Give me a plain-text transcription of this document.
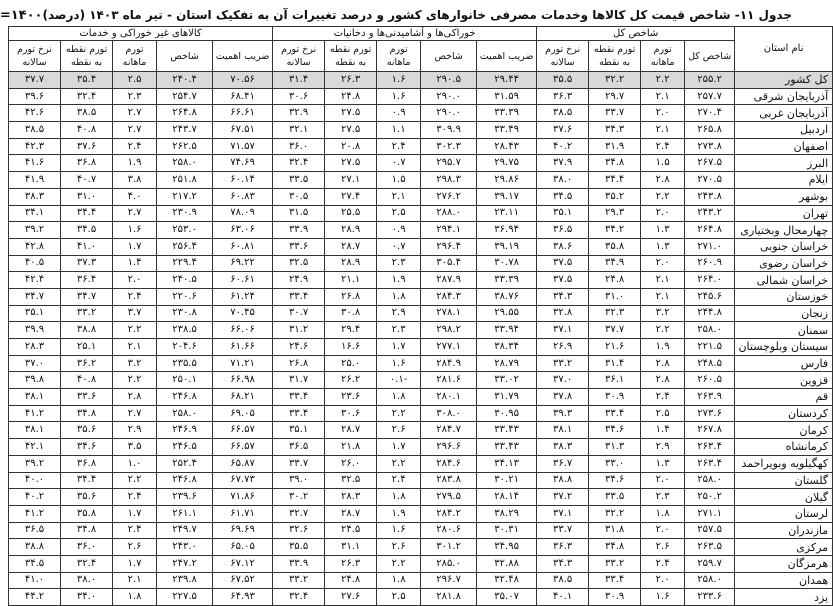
جدول ۱۱- شاخص قیمت کل کالاها وخدمات مصرفی خانوارهای کشور و درصد تغییرات آن به تفکیک استان - تیر ماه ۱۴۰۳ (درصد)
۱۴۰۰=
نام استان	شاخص کل				خوراکی‌ها و آشامیدنی‌ها و دخانیات					کالاهای غیر خوراکی و خدمات				
	شاخص کل	تورم ماهانه	تورم نقطه به نقطه	نرخ تورم سالانه	ضریب اهمیت	شاخص	تورم ماهانه	تورم نقطه به نقطه	نرخ تورم سالانه	ضریب اهمیت	شاخص	تورم ماهانه	تورم نقطه به نقطه	نرخ تورم سالانه
کل کشور	۲۵۵.۲	۲.۲	۳۲.۲	۳۵.۵	۲۹.۴۴	۲۹۰.۵	۱.۶	۲۶.۳	۳۱.۴	۷۰.۵۶	۲۴۰.۴	۲.۵	۳۵.۴	۳۷.۷
آذربایجان شرقی	۲۵۷.۷	۲.۱	۲۹.۷	۳۶.۳	۳۱.۵۹	۲۹۰.۰	۱.۶	۲۴.۸	۳۰.۶	۶۸.۴۱	۲۵۴.۷	۲.۳	۳۲.۴	۳۹.۶
آذربایجان غربی	۲۷۰.۴	۲.۰	۳۳.۷	۳۸.۵	۳۳.۳۹	۲۹۰.۰	۰.۹	۲۷.۵	۳۲.۹	۶۶.۶۱	۲۶۴.۸	۲.۷	۳۸.۵	۴۲.۶
اردبیل	۲۶۵.۸	۲.۱	۳۴.۳	۳۷.۶	۳۳.۴۹	۳۰۹.۹	۱.۱	۲۷.۵	۳۲.۱	۶۷.۵۱	۲۴۳.۷	۲.۷	۴۰.۸	۳۸.۵
اصفهان	۲۷۳.۸	۲.۴	۳۱.۹	۴۰.۲	۲۸.۴۳	۳۰۲.۳	۲.۴	۲۰.۸	۳۶.۰	۷۱.۵۷	۲۶۲.۵	۲.۴	۳۷.۶	۴۲.۳
البرز	۲۶۷.۵	۱.۵	۳۴.۸	۳۷.۹	۲۹.۷۵	۲۹۵.۷	۰.۷	۲۷.۵	۳۲.۴	۷۴.۶۹	۲۵۸.۰	۱.۹	۳۶.۸	۴۱.۶
ایلام	۲۷۰.۵	۲.۸	۳۴.۴	۳۸.۰	۲۹.۸۶	۲۹۸.۳	۱.۵	۲۷.۱	۳۳.۵	۶۰.۱۴	۲۵۱.۸	۳.۸	۴۰.۷	۴۱.۹
بوشهر	۲۴۳.۸	۲.۲	۳۵.۲	۳۴.۵	۳۹.۱۷	۲۷۶.۲	۲.۱	۲۷.۴	۳۰.۵	۶۰.۸۳	۲۱۷.۲	۴.۰	۳۱.۰	۳۸.۳
تهران	۲۴۳.۲	۲.۰	۲۹.۳	۳۵.۱	۲۳.۱۱	۲۸۸.۰	۲.۵	۲۵.۵	۳۱.۵	۷۸.۰۹	۲۳۰.۹	۲.۷	۳۴.۴	۳۴.۱
چهارمحال وبختیاری	۲۶۴.۸	۱.۳	۳۴.۲	۳۶.۵	۳۶.۹۴	۲۹۴.۱	۰.۹	۲۸.۹	۳۳.۹	۶۳.۰۶	۲۵۳.۰	۱.۶	۳۴.۵	۳۹.۲
خراسان جنوبی	۲۷۱.۰	۱.۳	۳۵.۸	۳۸.۶	۳۹.۱۹	۲۹۶.۴	۰.۷	۲۸.۷	۳۳.۶	۶۰.۸۱	۲۵۶.۴	۱.۷	۴۱.۰	۴۲.۸
خراسان رضوی	۲۶۰.۹	۲.۰	۳۴.۹	۳۷.۵	۳۰.۷۸	۳۰۵.۴	۲.۳	۲۸.۹	۳۲.۵	۶۹.۲۲	۲۲۹.۴	۱.۴	۳۷.۳	۴۰.۵
خراسان شمالی	۲۶۴.۰	۲.۱	۲۴.۸	۳۷.۵	۳۳.۳۹	۲۸۷.۹	۱.۹	۲۱.۱	۲۴.۹	۶۰.۶۱	۲۴۰.۵	۲.۰	۳۶.۴	۴۲.۴
خوزستان	۲۴۵.۶	۲.۱	۳۱.۰	۳۴.۳	۳۸.۷۶	۲۸۴.۳	۱.۸	۲۶.۸	۳۳.۴	۶۱.۲۴	۲۲۰.۶	۲.۴	۳۴.۷	۳۴.۷
زنجان	۲۴۴.۸	۳.۲	۳۲.۳	۳۲.۸	۲۹.۵۵	۲۷۸.۱	۲.۹	۳۰.۸	۳۰.۷	۷۰.۴۵	۲۳۰.۸	۳.۷	۳۳.۲	۳۵.۱
سمنان	۲۵۸.۰	۲.۲	۳۷.۷	۳۷.۱	۳۳.۹۴	۲۹۸.۲	۲.۳	۲۹.۴	۳۱.۲	۶۶.۰۶	۲۳۸.۵	۲.۲	۳۸.۸	۳۹.۹
سیستان وبلوچستان	۲۲۱.۵	۱.۹	۲۱.۶	۲۶.۹	۳۸.۳۴	۲۷۷.۱	۱.۷	۱۶.۶	۲۴.۶	۶۱.۶۶	۲۰۴.۶	۲.۱	۲۵.۱	۲۸.۳
فارس	۲۴۸.۵	۲.۸	۳۱.۴	۳۳.۲	۲۸.۷۹	۲۸۴.۹	۱.۶	۲۵.۰	۲۶.۸	۷۱.۲۱	۲۳۵.۵	۳.۲	۳۶.۲	۳۷.۰
قزوین	۲۶۰.۵	۲.۸	۳۶.۱	۳۷.۰	۳۳.۰۲	۲۸۱.۶	-۰.۱	۲۶.۲	۳۱.۷	۶۶.۹۸	۲۵۰.۱	۲.۲	۴۰.۸	۳۹.۸
قم	۲۶۳.۹	۲.۴	۳۰.۹	۳۷.۸	۳۱.۷۹	۲۸۰.۱	۱.۸	۲۳.۶	۳۳.۴	۶۸.۲۱	۲۴۶.۸	۲.۸	۳۳.۶	۳۸.۱
کردستان	۲۷۳.۶	۲.۵	۳۳.۴	۳۹.۳	۳۰.۹۵	۳۰۸.۰	۲.۲	۳۰.۶	۳۳.۴	۶۹.۰۵	۲۵۸.۰	۲.۷	۳۴.۸	۴۱.۲
کرمان	۲۶۷.۸	۱.۴	۳۴.۶	۳۸.۱	۳۳.۴۳	۲۸۴.۷	۲.۶	۲۸.۷	۳۵.۱	۶۶.۵۷	۲۴۶.۹	۲.۹	۳۵.۶	۳۸.۱
کرمانشاه	۲۶۳.۴	۲.۹	۳۱.۳	۳۸.۳	۳۳.۴۳	۲۹۶.۶	۱.۷	۲۱.۸	۳۶.۵	۶۶.۵۷	۲۴۶.۵	۳.۵	۳۴.۶	۴۲.۱
کهگیلویه وبویراحمد	۲۶۳.۴	۱.۳	۳۳.۰	۳۶.۷	۳۴.۱۳	۲۸۴.۶	۲.۲	۲۶.۰	۳۳.۷	۶۵.۸۷	۲۵۲.۴	۱.۰	۳۶.۸	۳۹.۲
گلستان	۲۵۸.۰	۲.۰	۳۴.۶	۳۸.۸	۳۰.۲۱	۲۸۳.۸	۲.۴	۳۲.۵	۳۹.۰	۶۷.۷۳	۲۴۶.۸	۲.۲	۳۴.۴	۴۰.۰
گیلان	۲۵۰.۲	۲.۳	۳۳.۵	۳۷.۲	۲۸.۱۴	۲۷۹.۵	۱.۸	۲۸.۳	۳۰.۲	۷۱.۸۶	۲۳۹.۶	۲.۴	۳۵.۶	۴۰.۲
لرستان	۲۷۱.۱	۱.۸	۳۲.۲	۳۷.۱	۳۸.۲۹	۲۸۴.۲	۱.۹	۲۸.۷	۳۲.۷	۶۱.۷۱	۲۶۱.۱	۱.۷	۳۵.۸	۴۱.۲
مازندران	۲۵۷.۵	۲.۰	۳۱.۸	۳۳.۷	۳۰.۳۱	۲۸۰.۶	۱.۶	۲۴.۵	۳۲.۶	۶۹.۶۹	۲۴۹.۷	۲.۴	۳۴.۸	۳۶.۵
مرکزی	۲۶۳.۵	۲.۶	۳۴.۸	۳۶.۳	۳۴.۹۵	۳۰۱.۲	۲.۶	۳۱.۱	۳۵.۵	۶۵.۰۵	۲۴۳.۰	۲.۶	۳۶.۰	۳۸.۸
هرمزگان	۲۵۹.۷	۲.۴	۳۳.۲	۳۴.۳	۳۲.۸۸	۲۸۵.۰	۲.۲	۲۶.۳	۳۳.۹	۶۷.۱۲	۲۴۷.۲	۱.۷	۳۲.۴	۳۴.۵
همدان	۲۵۸.۰	۲.۰	۳۳.۴	۳۸.۵	۳۲.۴۸	۲۹۶.۷	۱.۸	۲۴.۸	۳۳.۲	۶۷.۵۲	۲۳۹.۸	۲.۱	۳۸.۰	۴۱.۰
یزد	۲۳۳.۶	۱.۶	۳۰.۹	۴۰.۱	۳۵.۰۷	۲۸۱.۸	۲.۵	۲۷.۶	۳۲.۴	۶۴.۹۳	۲۲۷.۵	۱.۸	۳۴.۰	۴۴.۲
